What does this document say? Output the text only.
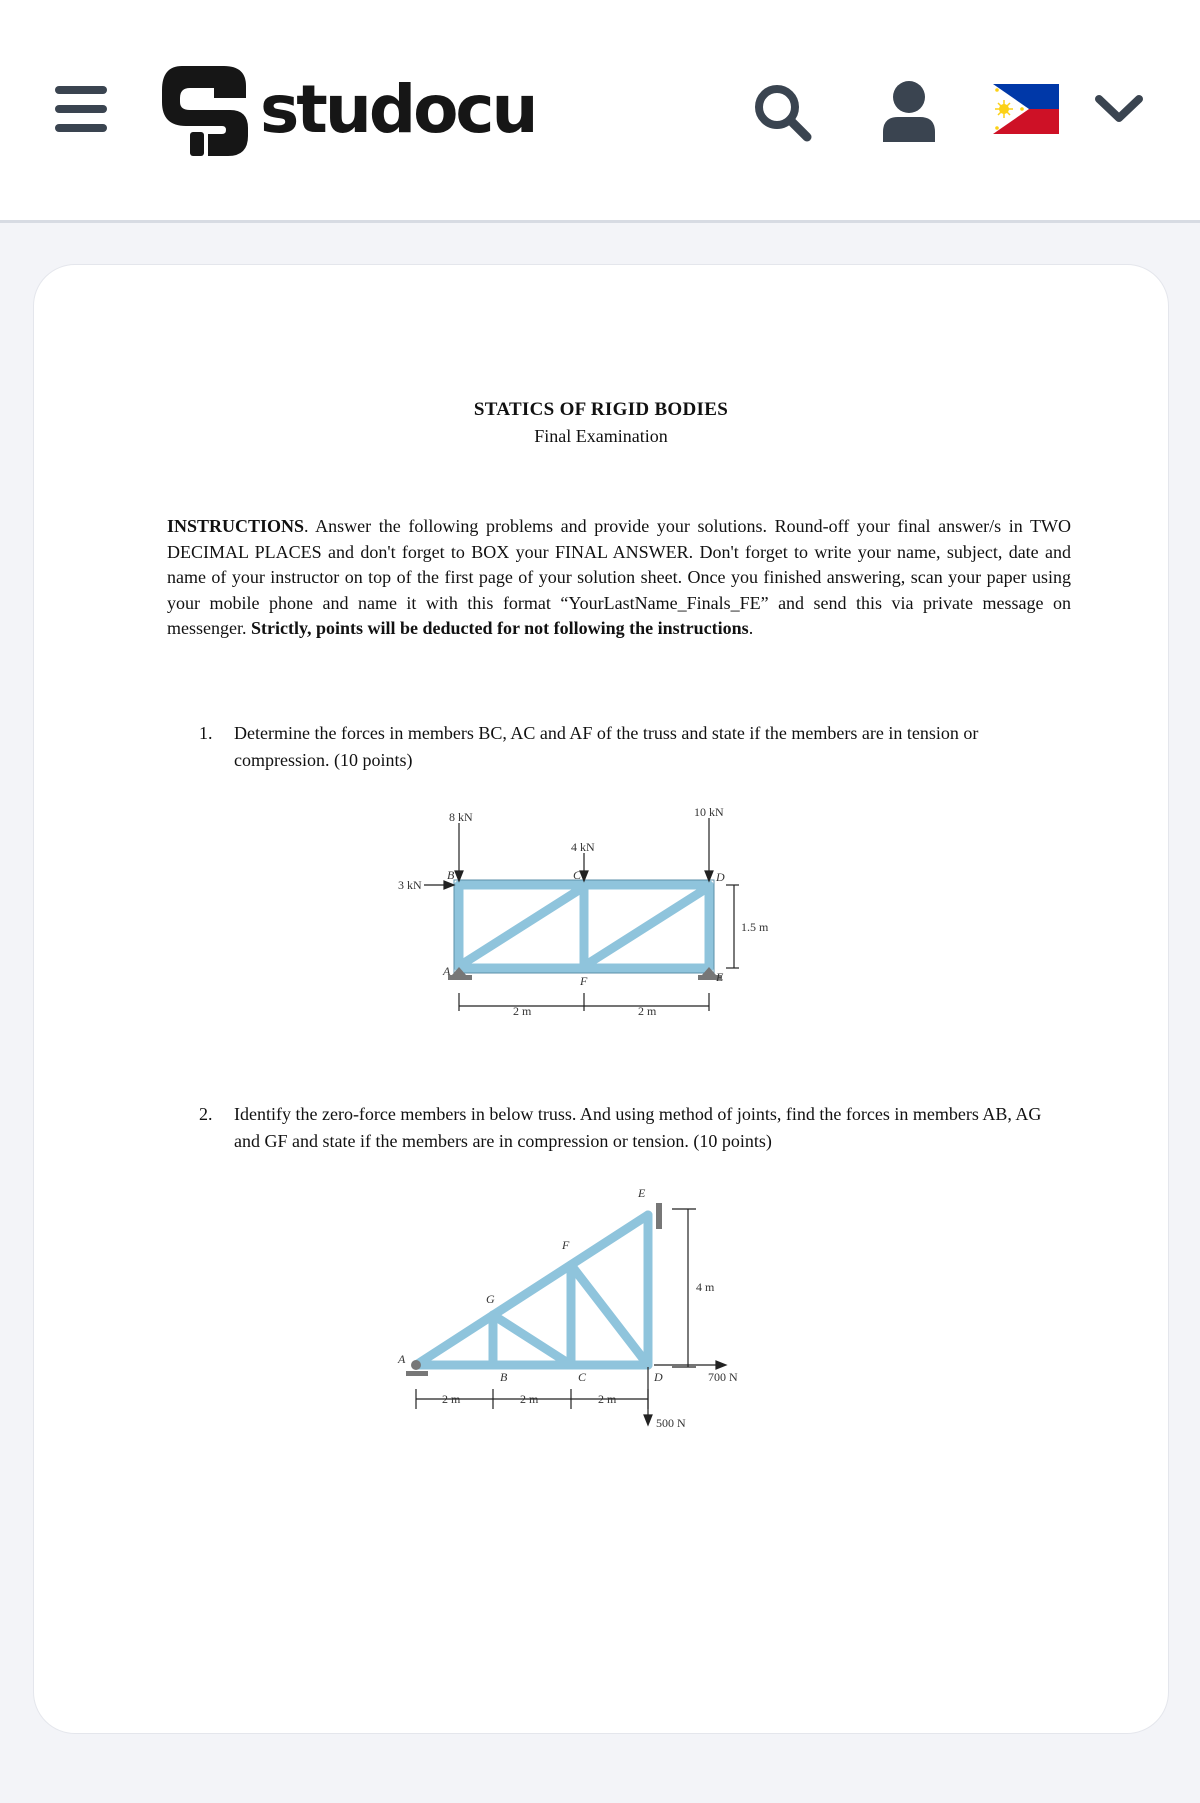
studocu
STATICS OF RIGID BODIES
Final Examination
INSTRUCTIONS. Answer the following problems and provide your solutions. Round-off your final answer/s in TWO DECIMAL PLACES and don't forget to BOX your FINAL ANSWER. Don't forget to write your name, subject, date and name of your instructor on top of the first page of your solution sheet. Once you finished answering, scan your paper using your mobile phone and name it with this format “YourLastName_Finals_FE” and send this via private message on messenger. Strictly, points will be deducted for not following the instructions.
1. Determine the forces in members BC, AC and AF of the truss and state if the members are in tension or compression. (10 points)
8 kN
4 kN
10 kN
3 kN
A
B	C	D
E
F
2 m	2 m
1.5 m
2. Identify the zero-force members in below truss. And using method of joints, find the forces in members AB, AG and GF and state if the members are in compression or tension. (10 points)
A
B	C	D
E
F
G
2 m	2 m	2 m
4 m
700 N
500 N
